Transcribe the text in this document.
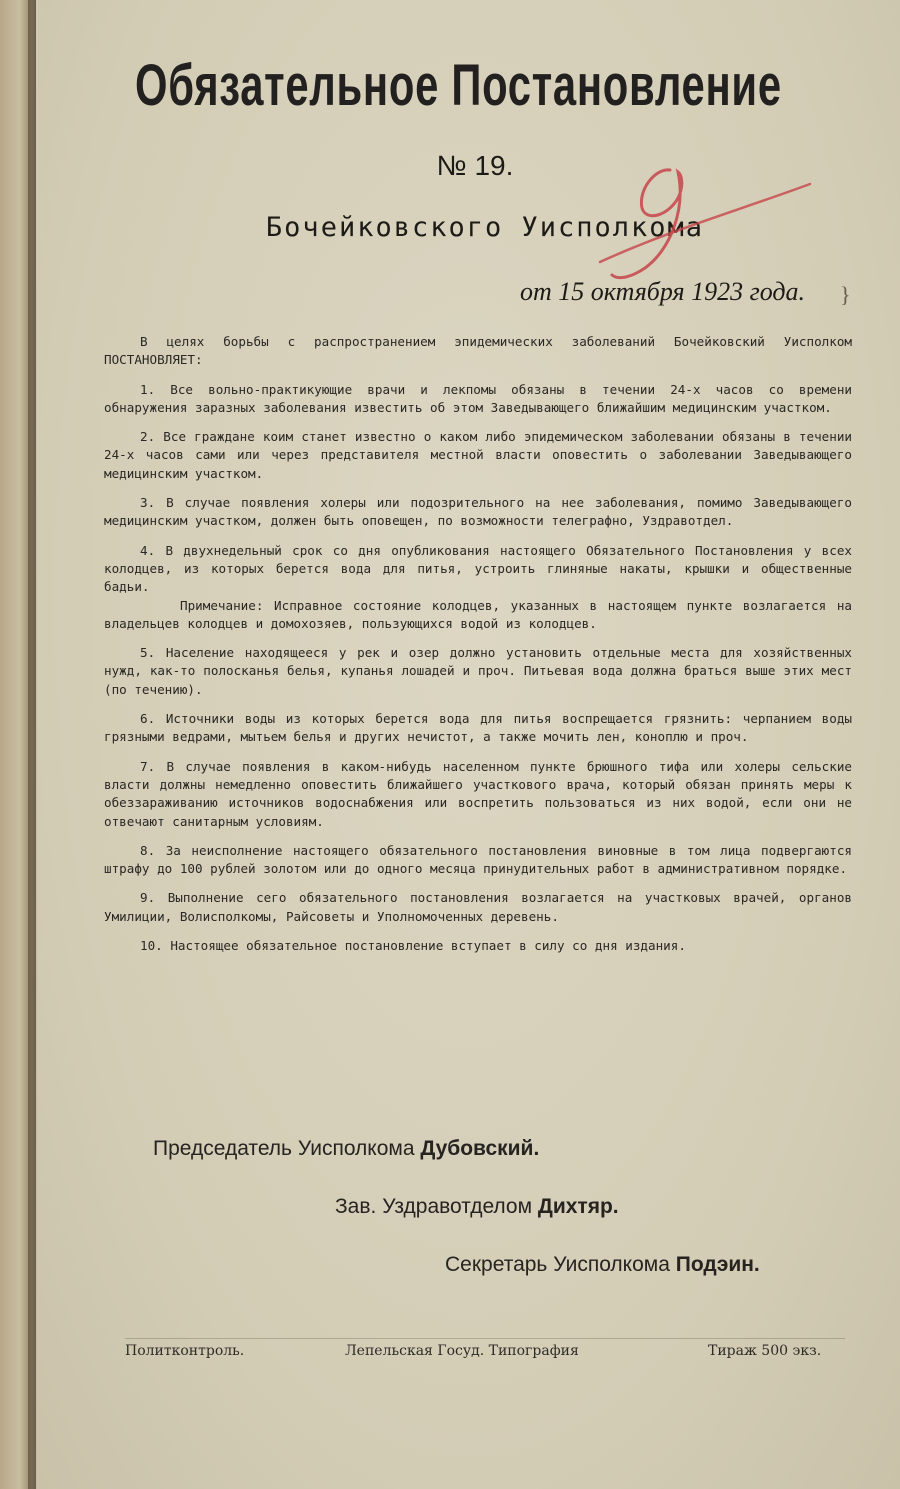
Обязательное Постановление
№ 19.
Бочейковского Уисполкома
от 15 октября 1923 года. }

В целях борьбы с распространением эпидемических заболеваний Бочейковский Уисполком ПОСТАНОВЛЯЕТ:

1. Все вольно-практикующие врачи и лекпомы обязаны в течении 24-х часов со времени обнаружения заразных заболевания известить об этом Заведывающего ближайшим медицинским участком.

2. Все граждане коим станет известно о каком либо эпидемическом заболевании обязаны в течении 24-х часов сами или через представителя местной власти оповестить о заболевании Заведывающего медицинским участком.

3. В случае появления холеры или подозрительного на нее заболевания, помимо Заведывающего медицинским участком, должен быть оповещен, по возможности телеграфно, Уздравотдел.

4. В двухнедельный срок со дня опубликования настоящего Обязательного Постановления у всех колодцев, из которых берется вода для питья, устроить глиняные накаты, крышки и общественные бадьи.

Примечание: Исправное состояние колодцев, указанных в настоящем пункте возлагается на владельцев колодцев и домохозяев, пользующихся водой из колодцев.

5. Население находящееся у рек и озер должно установить отдельные места для хозяйственных нужд, как-то полосканья белья, купанья лошадей и проч. Питьевая вода должна браться выше этих мест (по течению).

6. Источники воды из которых берется вода для питья воспрещается грязнить: черпанием воды грязными ведрами, мытьем белья и других нечистот, а также мочить лен, коноплю и проч.

7. В случае появления в каком-нибудь населенном пункте брюшного тифа или холеры сельские власти должны немедленно оповестить ближайшего участкового врача, который обязан принять меры к обеззараживанию источников водоснабжения или воспретить пользоваться из них водой, если они не отвечают санитарным условиям.

8. За неисполнение настоящего обязательного постановления виновные в том лица подвергаются штрафу до 100 рублей золотом или до одного месяца принудительных работ в административном порядке.

9. Выполнение сего обязательного постановления возлагается на участковых врачей, органов Умилиции, Волисполкомы, Райсоветы и Уполномоченных деревень.

10. Настоящее обязательное постановление вступает в силу со дня издания.

Председатель Уисполкома Дубовский.
Зав. Уздравотделом Дихтяр.
Секретарь Уисполкома Подэин.
Политконтроль.	Лепельская Госуд. Типография	Тираж 500 экз.
